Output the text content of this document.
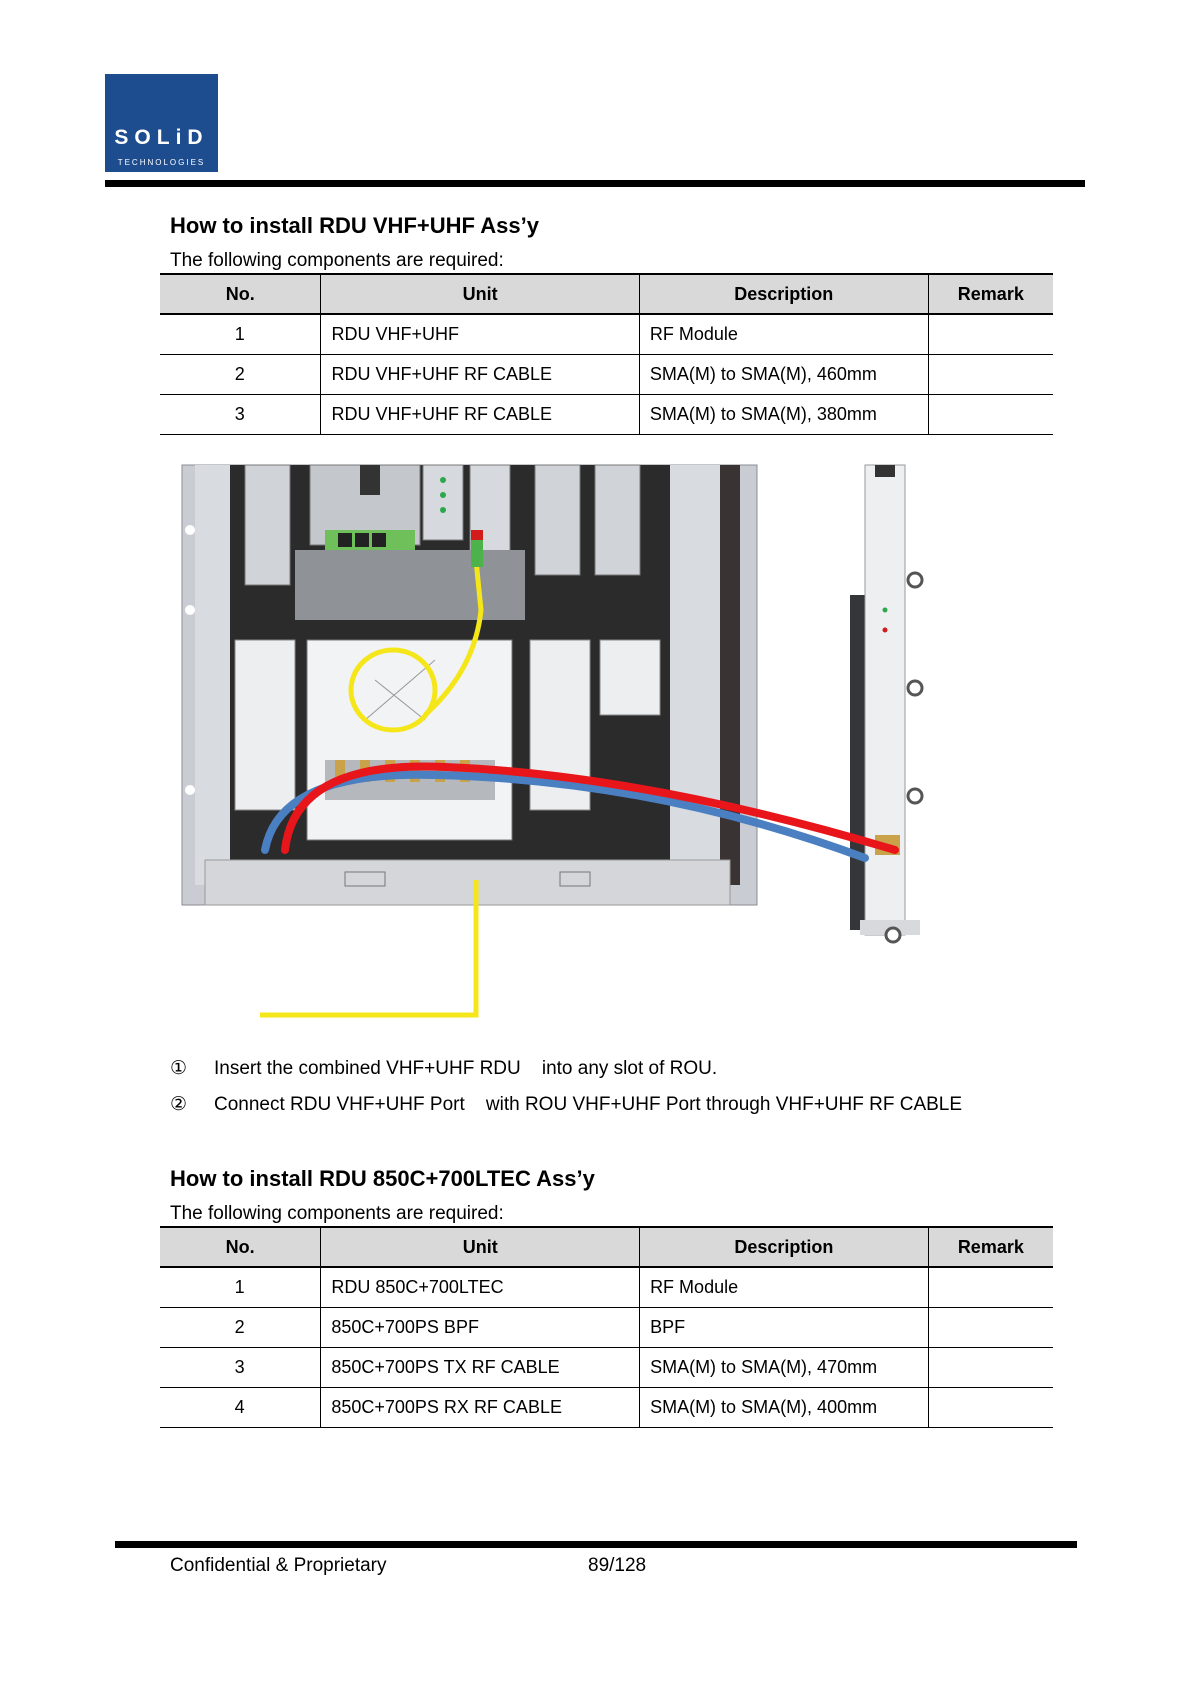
SOLiD
TECHNOLOGIES
How to install RDU VHF+UHF Ass’y

The following components are required:

No.	Unit	Description	Remark
1	RDU VHF+UHF	RF Module	
2	RDU VHF+UHF RF CABLE	SMA(M) to SMA(M), 460mm	
3	RDU VHF+UHF RF CABLE	SMA(M) to SMA(M), 380mm	
① Insert the combined VHF+UHF RDU    into any slot of ROU.
② Connect RDU VHF+UHF Port    with ROU VHF+UHF Port through VHF+UHF RF CABLE
How to install RDU 850C+700LTEC Ass’y

The following components are required:

No.	Unit	Description	Remark
1	RDU 850C+700LTEC	RF Module	
2	850C+700PS BPF	BPF	
3	850C+700PS TX RF CABLE	SMA(M) to SMA(M), 470mm	
4	850C+700PS RX RF CABLE	SMA(M) to SMA(M), 400mm	
Confidential & Proprietary	89/128
